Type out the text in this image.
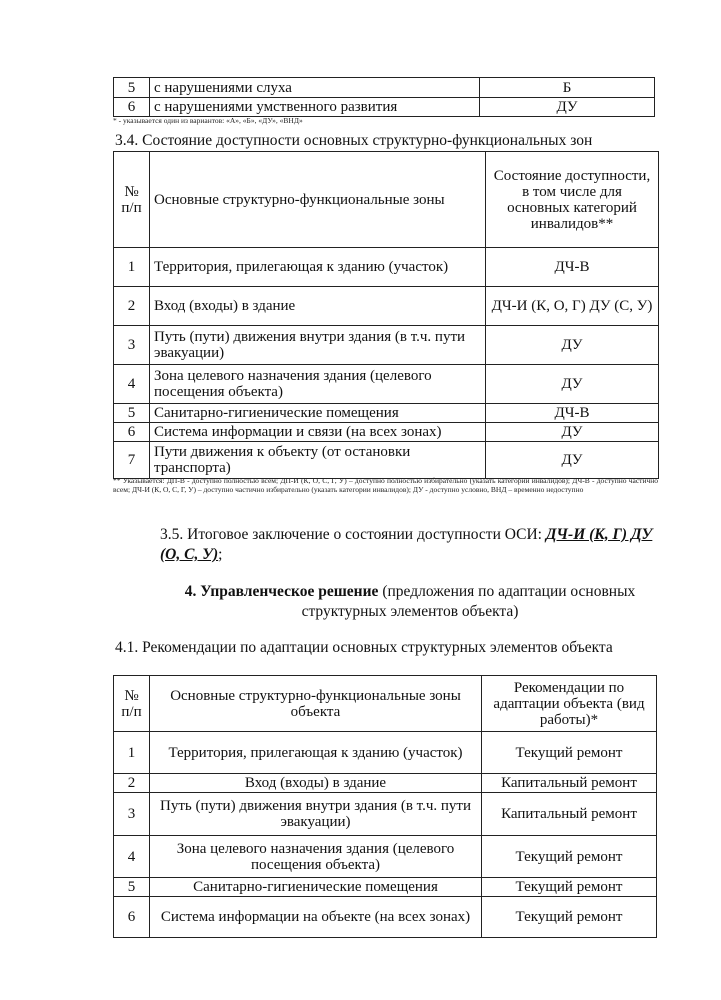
5	с нарушениями слуха	Б
6	с нарушениями умственного развития	ДУ
* - указывается один из вариантов: «А», «Б», «ДУ», «ВНД»
3.4. Состояние доступности основных структурно-функциональных зон
№ п/п	Основные структурно-функциональные зоны	Состояние доступности, в том числе для основных категорий инвалидов**
1	Территория, прилегающая к зданию (участок)	ДЧ-В
2	Вход (входы) в здание	ДЧ-И (К, О, Г) ДУ (С, У)
3	Путь (пути) движения внутри здания (в т.ч. пути эвакуации)	ДУ
4	Зона целевого назначения здания (целевого посещения объекта)	ДУ
5	Санитарно-гигиенические помещения	ДЧ-В
6	Система информации и связи (на всех зонах)	ДУ
7	Пути движения к объекту (от остановки транспорта)	ДУ
** Указывается: ДП-В - доступно полностью всем; ДП-И (К, О, С, Г, У) – доступно полностью избирательно (указать категории инвалидов); ДЧ-В - доступно частично всем; ДЧ-И (К, О, С, Г, У) – доступно частично избирательно (указать категории инвалидов); ДУ - доступно условно, ВНД – временно недоступно
3.5. Итоговое заключение о состоянии доступности ОСИ: ДЧ-И (К, Г) ДУ (О, С, У);
4. Управленческое решение (предложения по адаптации основных структурных элементов объекта)
4.1. Рекомендации по адаптации основных структурных элементов объекта
№ п/п	Основные структурно-функциональные зоны объекта	Рекомендации по адаптации объекта (вид работы)*
1	Территория, прилегающая к зданию (участок)	Текущий ремонт
2	Вход (входы) в здание	Капитальный ремонт
3	Путь (пути) движения внутри здания (в т.ч. пути эвакуации)	Капитальный ремонт
4	Зона целевого назначения здания (целевого посещения объекта)	Текущий ремонт
5	Санитарно-гигиенические помещения	Текущий ремонт
6	Система информации на объекте (на всех зонах)	Текущий ремонт
